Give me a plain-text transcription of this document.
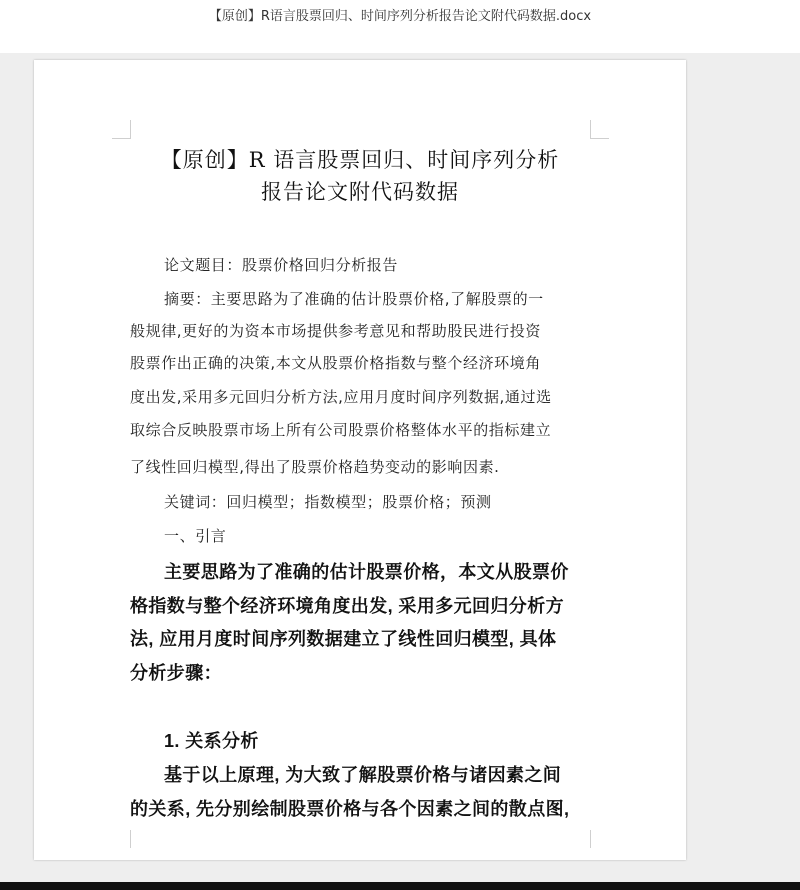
【原创】R语言股票回归、时间序列分析报告论文附代码数据.docx
【原创】R 语言股票回归、时间序列分析
报告论文附代码数据
论文题目：股票价格回归分析报告
摘要：主要思路为了准确的估计股票价格,了解股票的一
般规律,更好的为资本市场提供参考意见和帮助股民进行投资
股票作出正确的决策,本文从股票价格指数与整个经济环境角
度出发,采用多元回归分析方法,应用月度时间序列数据,通过选
取综合反映股票市场上所有公司股票价格整体水平的指标建立
了线性回归模型,得出了股票价格趋势变动的影响因素.
关键词：回归模型；指数模型；股票价格；预测
一、引言
主要思路为了准确的估计股票价格，本文从股票价
格指数与整个经济环境角度出发, 采用多元回归分析方
法, 应用月度时间序列数据建立了线性回归模型, 具体
分析步骤：
1. 关系分析
基于以上原理, 为大致了解股票价格与诸因素之间
的关系, 先分别绘制股票价格与各个因素之间的散点图,
